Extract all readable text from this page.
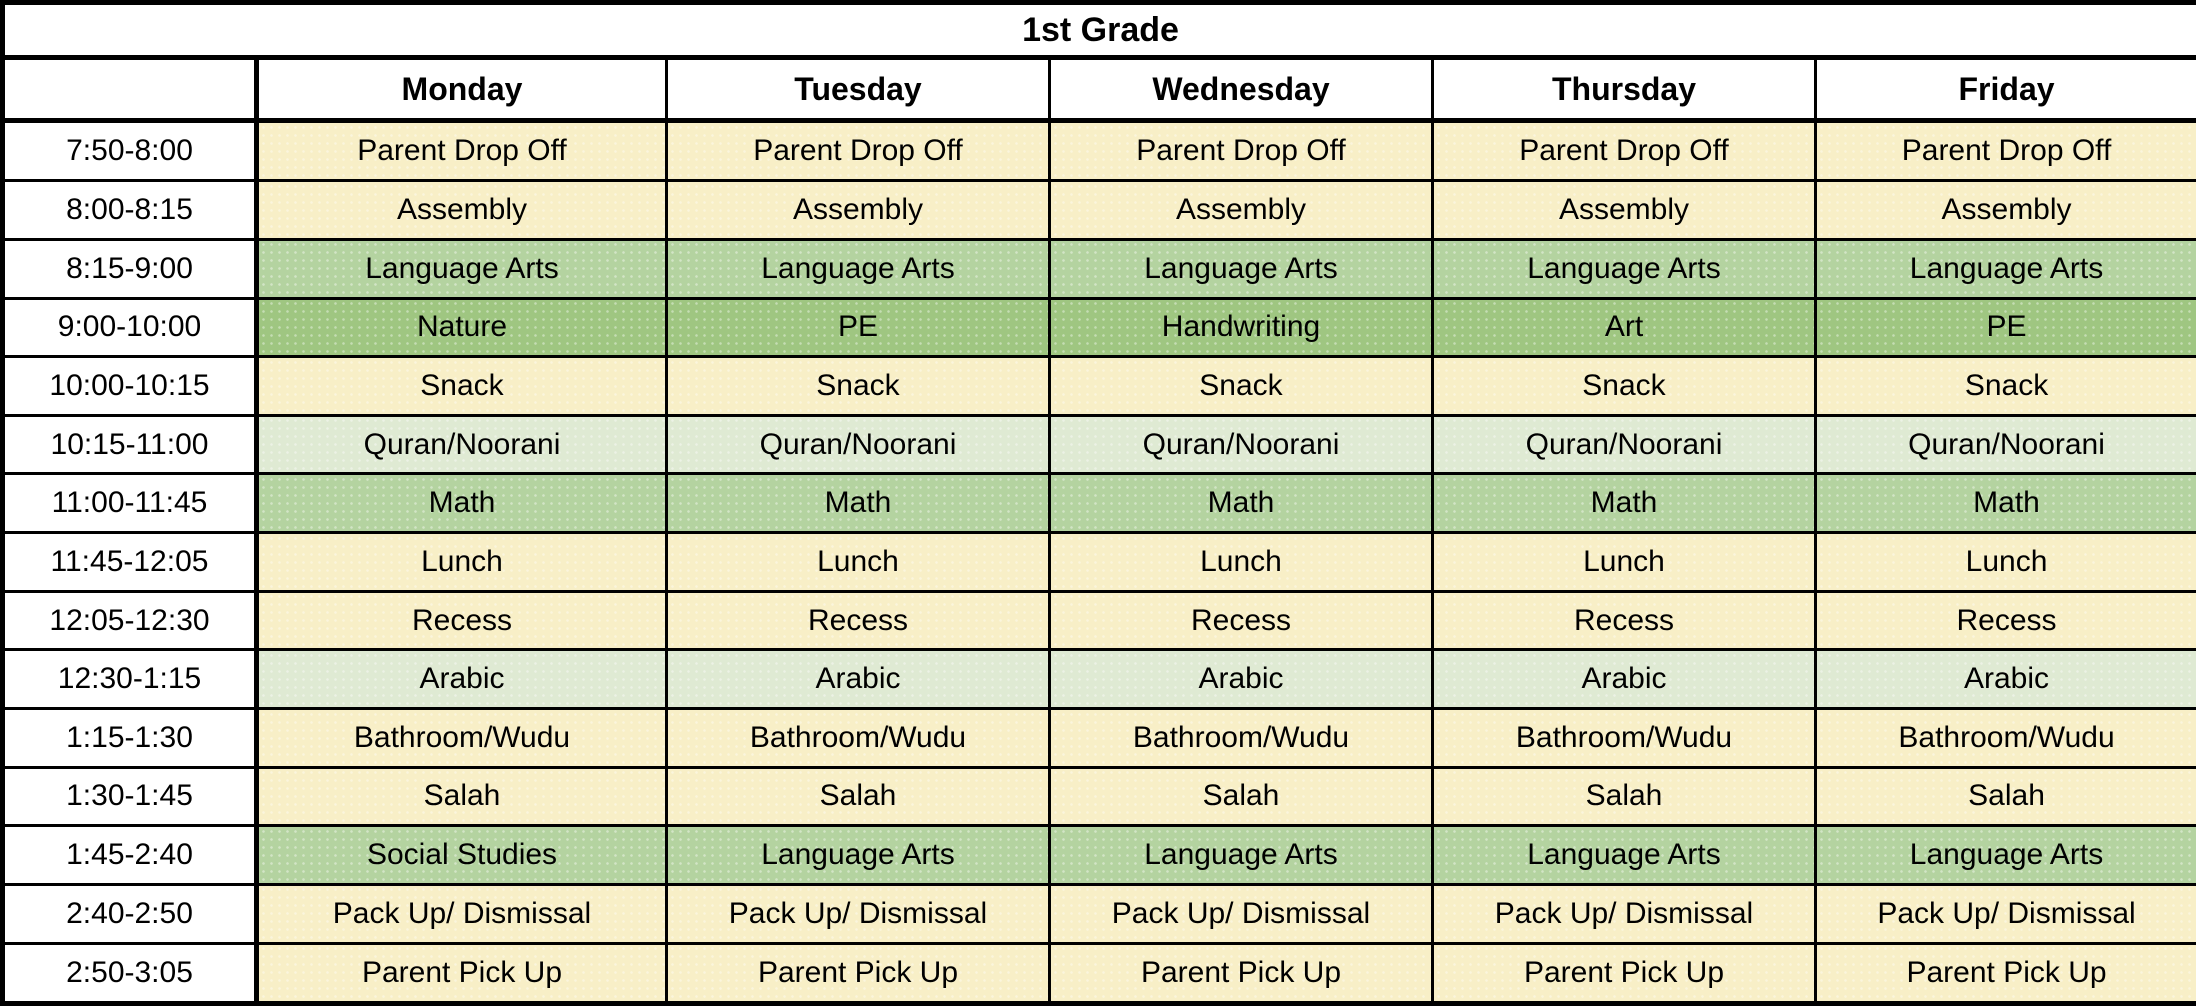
1st Grade					
	Monday	Tuesday	Wednesday	Thursday	Friday
7:50-8:00	Parent Drop Off	Parent Drop Off	Parent Drop Off	Parent Drop Off	Parent Drop Off
8:00-8:15	Assembly	Assembly	Assembly	Assembly	Assembly
8:15-9:00	Language Arts	Language Arts	Language Arts	Language Arts	Language Arts
9:00-10:00	Nature	PE	Handwriting	Art	PE
10:00-10:15	Snack	Snack	Snack	Snack	Snack
10:15-11:00	Quran/Noorani	Quran/Noorani	Quran/Noorani	Quran/Noorani	Quran/Noorani
11:00-11:45	Math	Math	Math	Math	Math
11:45-12:05	Lunch	Lunch	Lunch	Lunch	Lunch
12:05-12:30	Recess	Recess	Recess	Recess	Recess
12:30-1:15	Arabic	Arabic	Arabic	Arabic	Arabic
1:15-1:30	Bathroom/Wudu	Bathroom/Wudu	Bathroom/Wudu	Bathroom/Wudu	Bathroom/Wudu
1:30-1:45	Salah	Salah	Salah	Salah	Salah
1:45-2:40	Social Studies	Language Arts	Language Arts	Language Arts	Language Arts
2:40-2:50	Pack Up/ Dismissal	Pack Up/ Dismissal	Pack Up/ Dismissal	Pack Up/ Dismissal	Pack Up/ Dismissal
2:50-3:05	Parent Pick Up	Parent Pick Up	Parent Pick Up	Parent Pick Up	Parent Pick Up
